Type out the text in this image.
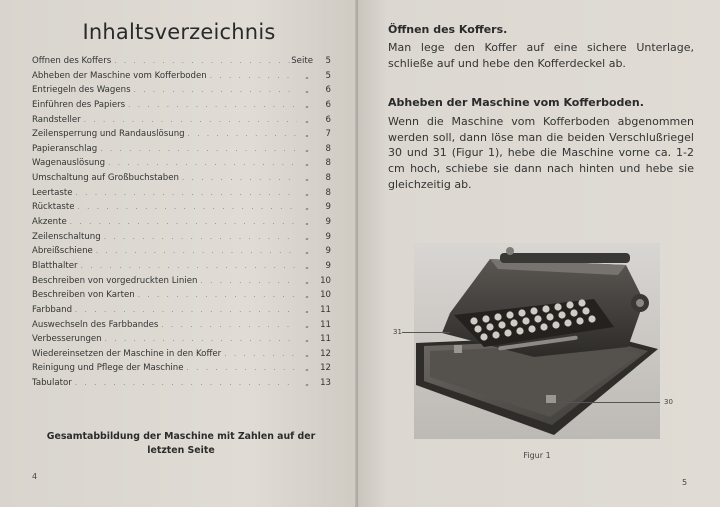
Inhaltsverzeichnis
Öffnen des Koffers . . .	Seite	5
Abheben der Maschine vom Kofferboden . . .	„	5
Entriegeln des Wagens . . .	„	6
Einführen des Papiers . . .	„	6
Randsteller . . .	„	6
Zeilensperrung und Randauslösung . . .	„	7
Papieranschlag . . .	„	8
Wagenauslösung . . .	„	8
Umschaltung auf Großbuchstaben . . .	„	8
Leertaste . . .	„	8
Rücktaste . . .	„	9
Akzente . . .	„	9
Zeilenschaltung . . .	„	9
Abreißschiene . . .	„	9
Blatthalter . . .	„	9
Beschreiben von vorgedruckten Linien . . .	„	10
Beschreiben von Karten . . .	„	10
Farbband . . .	„	11
Auswechseln des Farbbandes . . .	„	11
Verbesserungen . . .	„	11
Wiedereinsetzen der Maschine in den Koffer . . .	„	12
Reinigung und Pflege der Maschine . . .	„	12
Tabulator . . .	„	13
Gesamtabbildung der Maschine mit Zahlen auf der letzten Seite
4
Öffnen des Koffers.
Man lege den Koffer auf eine sichere Unterlage, schließe auf und hebe den Kofferdeckel ab.
Abheben der Maschine vom Kofferboden.
Wenn die Maschine vom Kofferboden abgenommen werden soll, dann löse man die beiden Verschlußriegel 30 und 31 (Figur 1), hebe die Maschine vorne ca. 1-2 cm hoch, schiebe sie dann nach hinten und hebe sie gleichzeitig ab.
31
30
Figur 1
5
